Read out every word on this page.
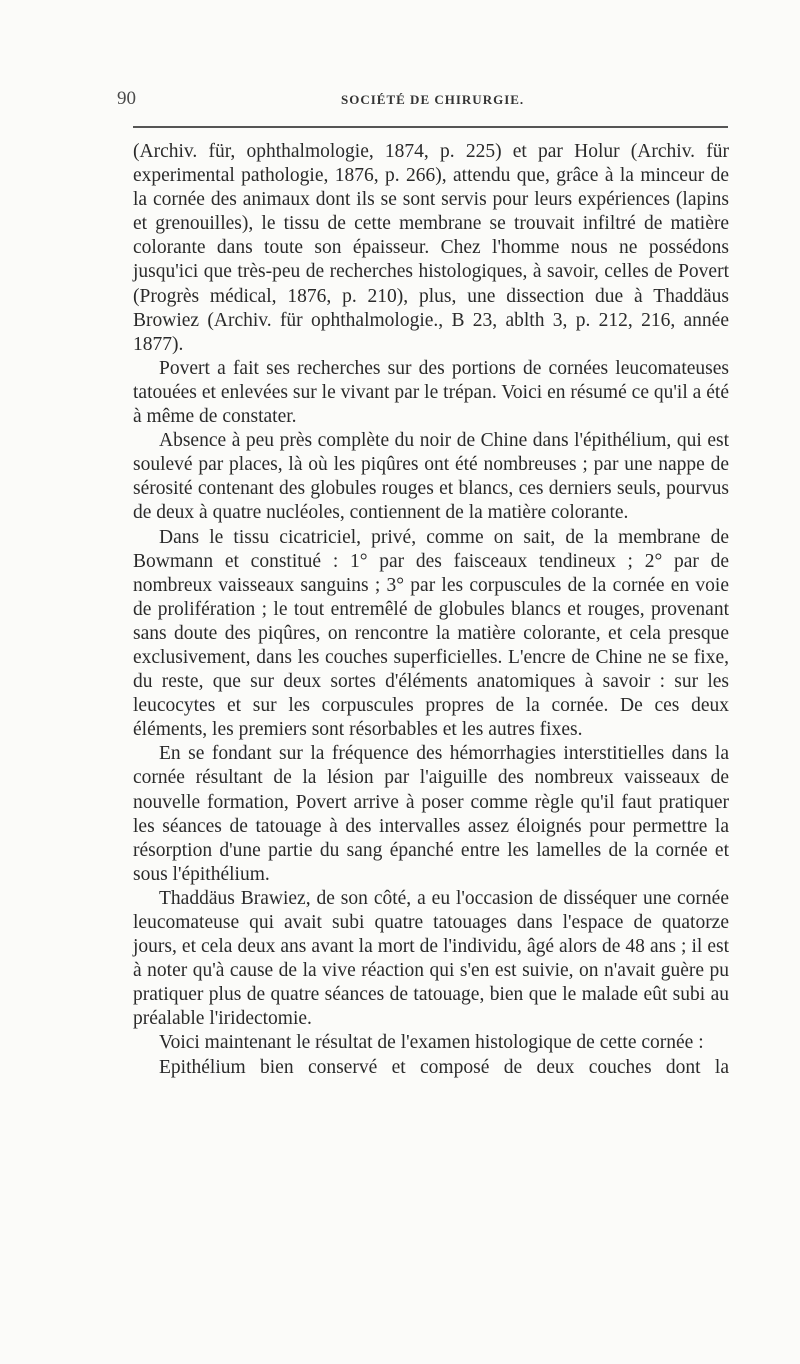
90	SOCIÉTÉ DE CHIRURGIE.

(Archiv. für, ophthalmologie, 1874, p. 225) et par Holur (Archiv. für experimental pathologie, 1876, p. 266), attendu que, grâce à la minceur de la cornée des animaux dont ils se sont servis pour leurs expériences (lapins et grenouilles), le tissu de cette membrane se trouvait infiltré de matière colorante dans toute son épaisseur. Chez l'homme nous ne possédons jusqu'ici que très-peu de recherches histologiques, à savoir, celles de Povert (Progrès médical, 1876, p. 210), plus, une dissection due à Thaddäus Browiez (Archiv. für ophthalmologie., B 23, ablth 3, p. 212, 216, année 1877).

Povert a fait ses recherches sur des portions de cornées leucomateuses tatouées et enlevées sur le vivant par le trépan. Voici en résumé ce qu'il a été à même de constater.

Absence à peu près complète du noir de Chine dans l'épithélium, qui est soulevé par places, là où les piqûres ont été nombreuses ; par une nappe de sérosité contenant des globules rouges et blancs, ces derniers seuls, pourvus de deux à quatre nucléoles, contiennent de la matière colorante.

Dans le tissu cicatriciel, privé, comme on sait, de la membrane de Bowmann et constitué : 1° par des faisceaux tendineux ; 2° par de nombreux vaisseaux sanguins ; 3° par les corpuscules de la cornée en voie de prolifération ; le tout entremêlé de globules blancs et rouges, provenant sans doute des piqûres, on rencontre la matière colorante, et cela presque exclusivement, dans les couches superficielles. L'encre de Chine ne se fixe, du reste, que sur deux sortes d'éléments anatomiques à savoir : sur les leucocytes et sur les corpuscules propres de la cornée. De ces deux éléments, les premiers sont résorbables et les autres fixes.

En se fondant sur la fréquence des hémorrhagies interstitielles dans la cornée résultant de la lésion par l'aiguille des nombreux vaisseaux de nouvelle formation, Povert arrive à poser comme règle qu'il faut pratiquer les séances de tatouage à des intervalles assez éloignés pour permettre la résorption d'une partie du sang épanché entre les lamelles de la cornée et sous l'épithélium.

Thaddäus Brawiez, de son côté, a eu l'occasion de disséquer une cornée leucomateuse qui avait subi quatre tatouages dans l'espace de quatorze jours, et cela deux ans avant la mort de l'individu, âgé alors de 48 ans ; il est à noter qu'à cause de la vive réaction qui s'en est suivie, on n'avait guère pu pratiquer plus de quatre séances de tatouage, bien que le malade eût subi au préalable l'iridectomie.

Voici maintenant le résultat de l'examen histologique de cette cornée :

Epithélium bien conservé et composé de deux couches dont la
